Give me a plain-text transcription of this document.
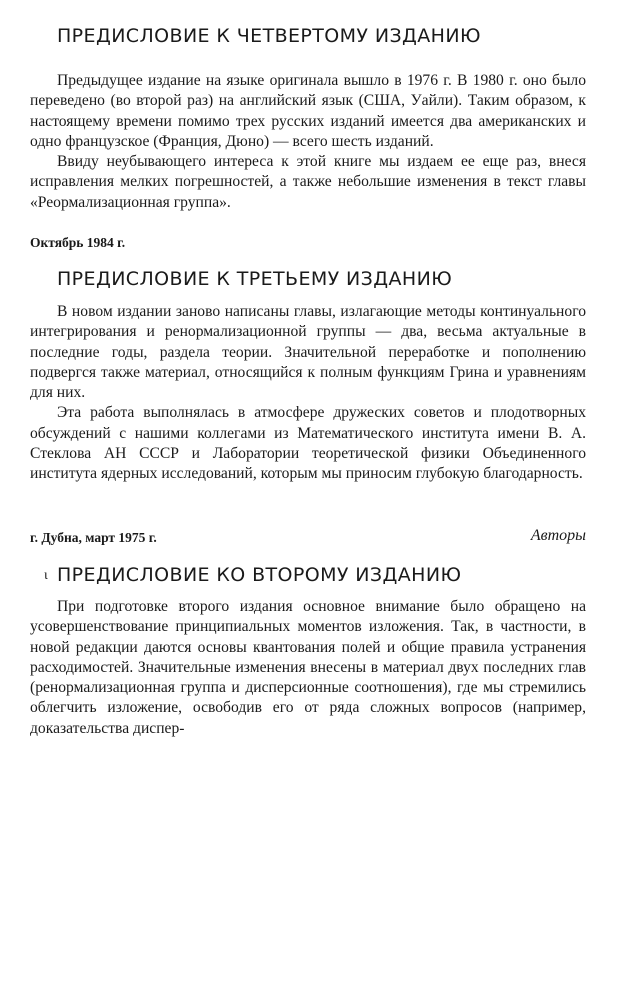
ПРЕДИСЛОВИЕ К ЧЕТВЕРТОМУ ИЗДАНИЮ

Предыдущее издание на языке оригинала вышло в 1976 г. В 1980 г. оно было переведено (во второй раз) на английский язык (США, Уайли). Таким образом, к настоящему времени помимо трех русских изданий имеется два американских и одно французское (Франция, Дюно) — всего шесть изданий.

Ввиду неубывающего интереса к этой книге мы издаем ее еще раз, внеся исправления мелких погрешностей, а также небольшие изменения в текст главы «Реормализационная группа».

Октябрь 1984 г.
ПРЕДИСЛОВИЕ К ТРЕТЬЕМУ ИЗДАНИЮ

В новом издании заново написаны главы, излагающие методы континуального интегрирования и ренормализационной группы — два, весьма актуальные в последние годы, раздела теории. Значительной переработке и пополнению подвергся также материал, относящийся к полным функциям Грина и уравнениям для них.

Эта работа выполнялась в атмосфере дружеских советов и плодотворных обсуждений с нашими коллегами из Математического института имени В. А. Стеклова АН СССР и Лаборатории теоретической физики Объединенного института ядерных исследований, которым мы приносим глубокую благодарность.

г. Дубна, март 1975 г.	Авторы
ι ПРЕДИСЛОВИЕ КО ВТОРОМУ ИЗДАНИЮ

При подготовке второго издания основное внимание было обращено на усовершенствование принципиальных моментов изложения. Так, в частности, в новой редакции даются основы квантования полей и общие правила устранения расходимостей. Значительные изменения внесены в материал двух последних глав (ренормализационная группа и дисперсионные соотношения), где мы стремились облегчить изложение, освободив его от ряда сложных вопросов (например, доказательства диспер-
